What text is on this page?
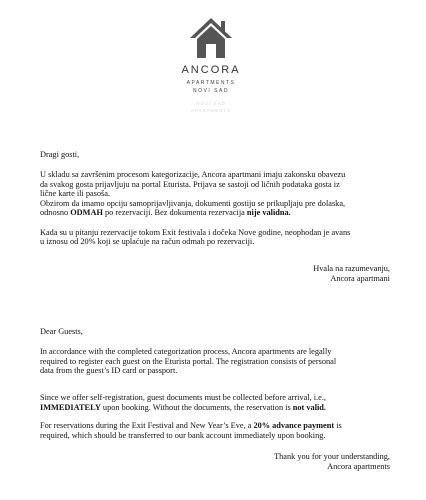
ANCORA
APARTMENTS
NOVI SAD
NOVI SAD
APARTMENTS

Dragi gosti,

U skladu sa završenim procesom kategorizacije, Ancora apartmani imaju zakonsku obavezu

da svakog gosta prijavljuju na portal Eturista. Prijava se sastoji od ličnih podataka gosta iz

lične karte ili pasoša.

Obzirom da imamo opciju samoprijavljivanja, dokumenti gostiju se prikupljaju pre dolaska,

odnosno ODMAH po rezervaciji. Bez dokumenta rezervacija nije validna.

Kada su u pitanju rezervacije tokom Exit festivala i dočeka Nove godine, neophodan je avans

u iznosu od 20% koji se uplaćuje na račun odmah po rezervaciji.

Hvala na razumevanju,

Ancora apartmani

Dear Guests,

In accordance with the completed categorization process, Ancora apartments are legally

required to register each guest on the Eturista portal. The registration consists of personal

data from the guest’s ID card or passport.

Since we offer self-registration, guest documents must be collected before arrival, i.e.,

IMMEDIATELY upon booking. Without the documents, the reservation is not valid.

For reservations during the Exit Festival and New Year’s Eve, a 20% advance payment is

required, which should be transferred to our bank account immediately upon booking.

Thank you for your understanding,

Ancora apartments
